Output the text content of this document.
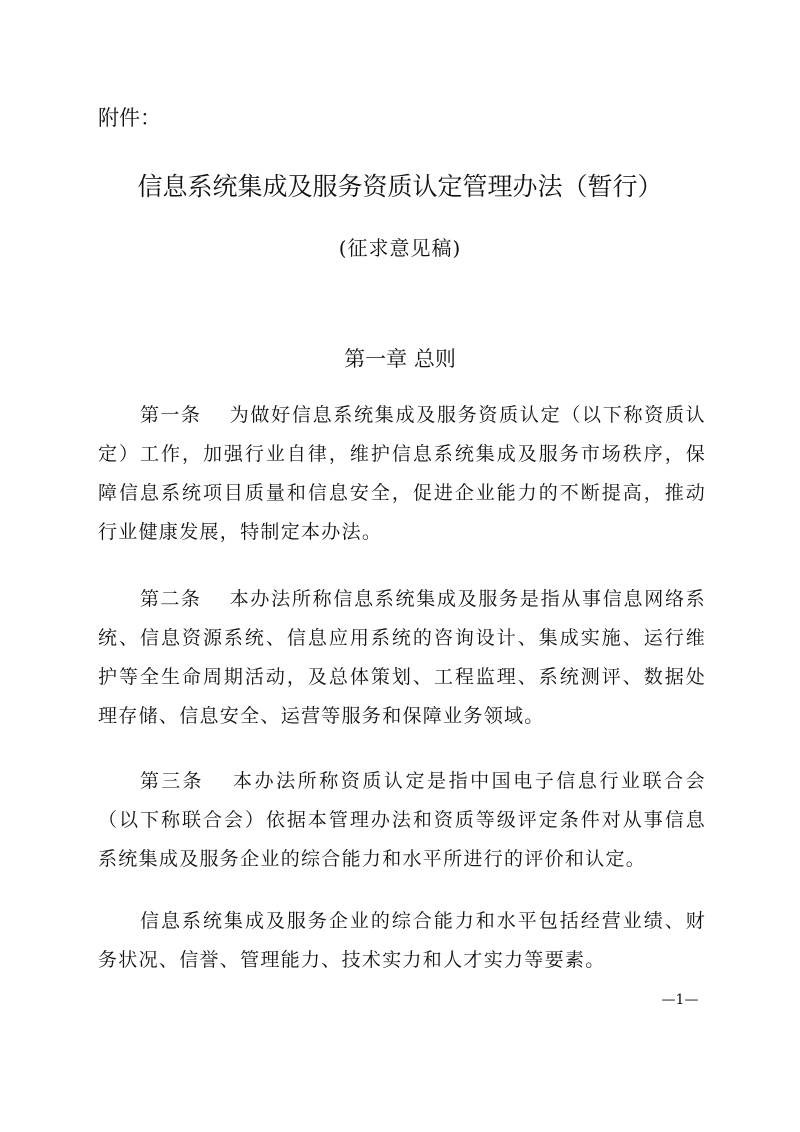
附件：
信息系统集成及服务资质认定管理办法（暂行）
(征求意见稿)
第一章 总则

第一条 为做好信息系统集成及服务资质认定（以下称资质认定）工作，加强行业自律，维护信息系统集成及服务市场秩序，保障信息系统项目质量和信息安全，促进企业能力的不断提高，推动行业健康发展，特制定本办法。

第二条 本办法所称信息系统集成及服务是指从事信息网络系统、信息资源系统、信息应用系统的咨询设计、集成实施、运行维护等全生命周期活动，及总体策划、工程监理、系统测评、数据处理存储、信息安全、运营等服务和保障业务领域。

第三条 本办法所称资质认定是指中国电子信息行业联合会（以下称联合会）依据本管理办法和资质等级评定条件对从事信息系统集成及服务企业的综合能力和水平所进行的评价和认定。

信息系统集成及服务企业的综合能力和水平包括经营业绩、财务状况、信誉、管理能力、技术实力和人才实力等要素。

—1—
